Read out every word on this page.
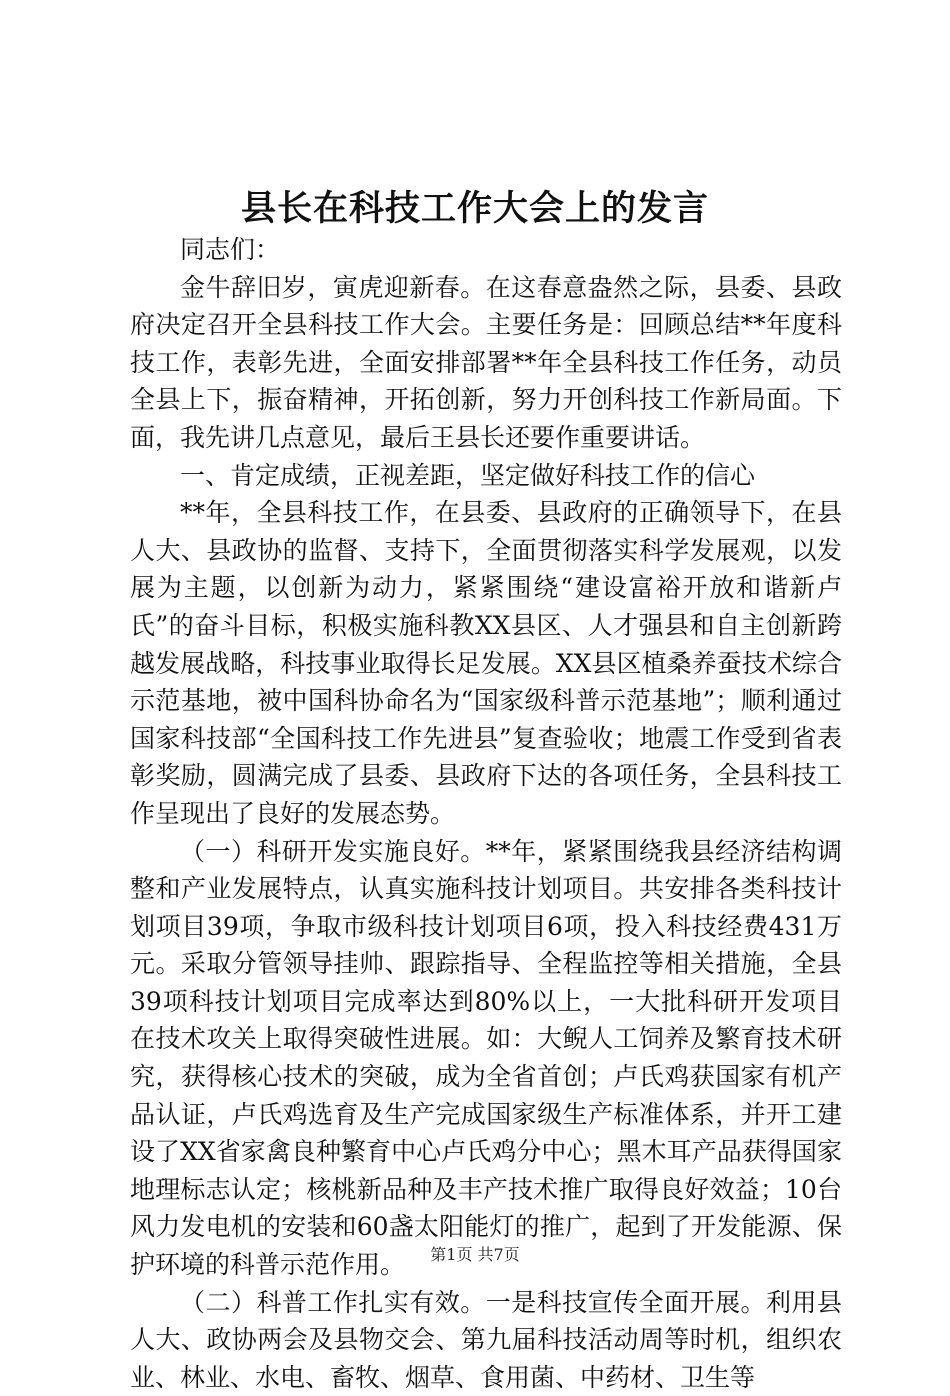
县长在科技工作大会上的发言

同志们：

金牛辞旧岁，寅虎迎新春。在这春意盎然之际，县委、县政府决定召开全县科技工作大会。主要任务是：回顾总结**年度科技工作，表彰先进，全面安排部署**年全县科技工作任务，动员全县上下，振奋精神，开拓创新，努力开创科技工作新局面。下面，我先讲几点意见，最后王县长还要作重要讲话。

一、肯定成绩，正视差距，坚定做好科技工作的信心

**年，全县科技工作，在县委、县政府的正确领导下，在县人大、县政协的监督、支持下，全面贯彻落实科学发展观，以发展为主题，以创新为动力，紧紧围绕“建设富裕开放和谐新卢氏”的奋斗目标，积极实施科教XX县区、人才强县和自主创新跨越发展战略，科技事业取得长足发展。XX县区植桑养蚕技术综合示范基地，被中国科协命名为“国家级科普示范基地”；顺利通过国家科技部“全国科技工作先进县”复查验收；地震工作受到省表彰奖励，圆满完成了县委、县政府下达的各项任务，全县科技工作呈现出了良好的发展态势。

（一）科研开发实施良好。**年，紧紧围绕我县经济结构调整和产业发展特点，认真实施科技计划项目。共安排各类科技计划项目39项，争取市级科技计划项目6项，投入科技经费431万元。采取分管领导挂帅、跟踪指导、全程监控等相关措施，全县39项科技计划项目完成率达到80%以上，一大批科研开发项目在技术攻关上取得突破性进展。如：大鲵人工饲养及繁育技术研究，获得核心技术的突破，成为全省首创；卢氏鸡获国家有机产品认证，卢氏鸡选育及生产完成国家级生产标准体系，并开工建设了XX省家禽良种繁育中心卢氏鸡分中心；黑木耳产品获得国家地理标志认定；核桃新品种及丰产技术推广取得良好效益；10台风力发电机的安装和60盏太阳能灯的推广，起到了开发能源、保护环境的科普示范作用。

（二）科普工作扎实有效。一是科技宣传全面开展。利用县人大、政协两会及县物交会、第九届科技活动周等时机，组织农业、林业、水电、畜牧、烟草、食用菌、中药材、卫生等

第1页 共7页
